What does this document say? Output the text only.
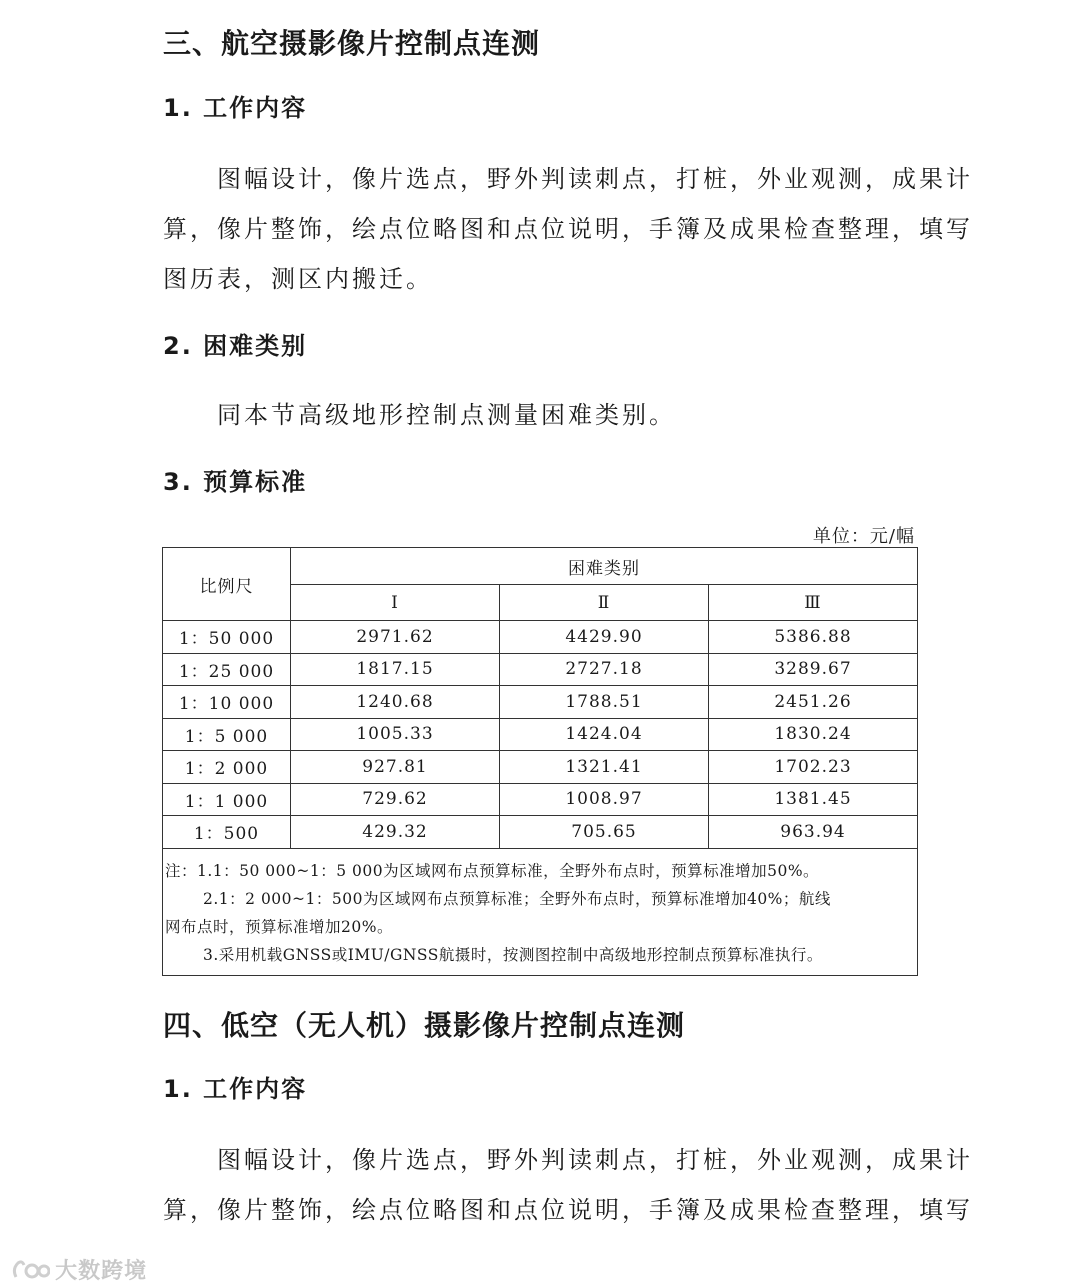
三、航空摄影像片控制点连测
1. 工作内容
图幅设计，像片选点，野外判读刺点，打桩，外业观测，成果计
算，像片整饰，绘点位略图和点位说明，手簿及成果检查整理，填写
图历表，测区内搬迁。
2. 困难类别
同本节高级地形控制点测量困难类别。
3. 预算标准
单位：元/幅
比例尺	困难类别		
	Ⅰ	Ⅱ	Ⅲ
1：50 000	2971.62	4429.90	5386.88
1：25 000	1817.15	2727.18	3289.67
1：10 000	1240.68	1788.51	2451.26
1：5 000	1005.33	1424.04	1830.24
1：2 000	927.81	1321.41	1702.23
1：1 000	729.62	1008.97	1381.45
1：500	429.32	705.65	963.94

注：1.1：50 000~1：5 000为区域网布点预算标准，全野外布点时，预算标准增加50%。
2.1：2 000~1：500为区域网布点预算标准；全野外布点时，预算标准增加40%；航线
网布点时，预算标准增加20%。
3.采用机载GNSS或IMU/GNSS航摄时，按测图控制中高级地形控制点预算标准执行。			
四、低空（无人机）摄影像片控制点连测
1. 工作内容
图幅设计，像片选点，野外判读刺点，打桩，外业观测，成果计
算，像片整饰，绘点位略图和点位说明，手簿及成果检查整理，填写
大数跨境
